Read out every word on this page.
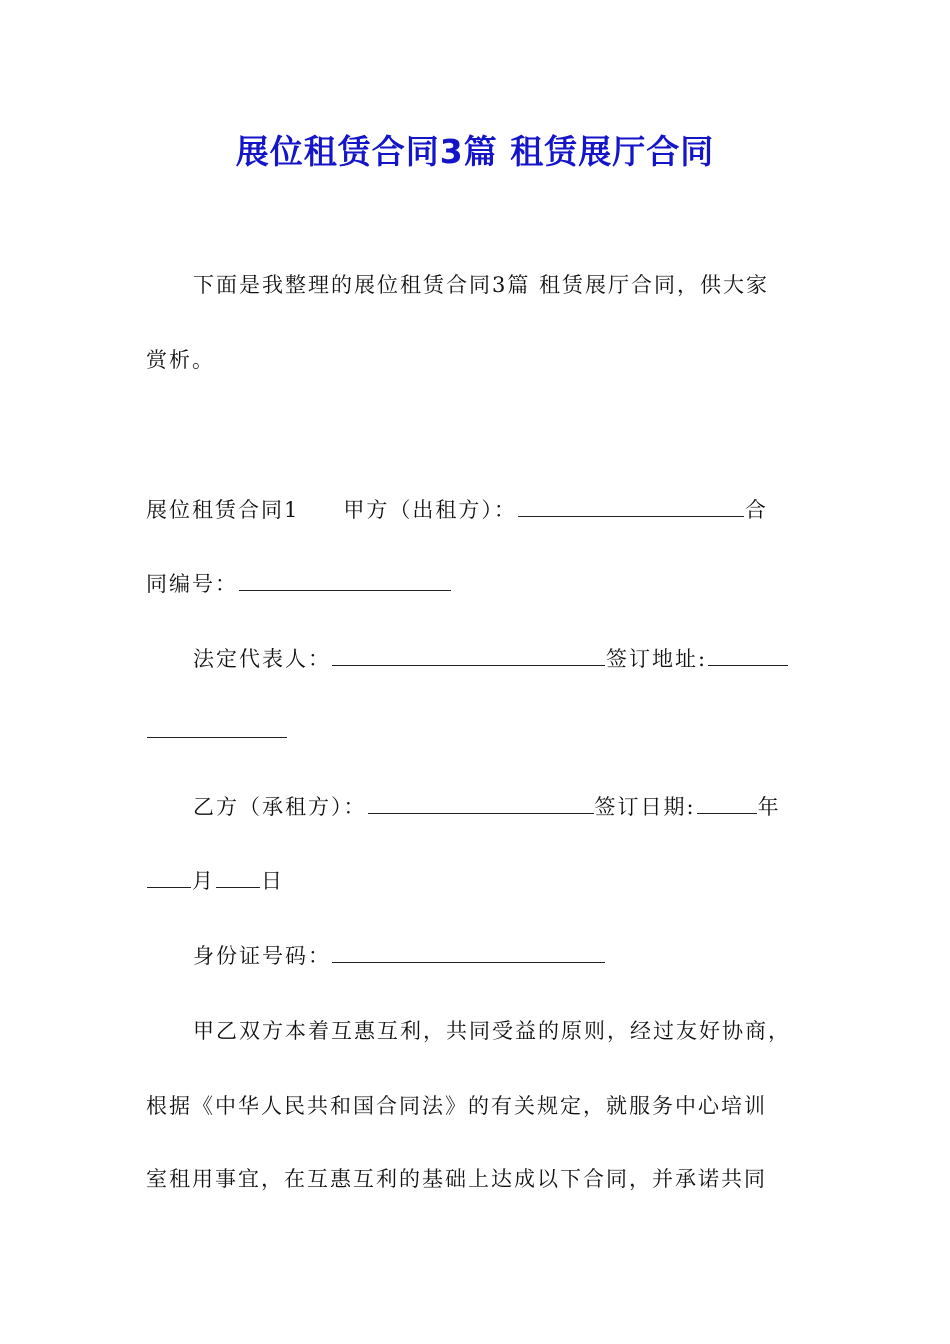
展位租赁合同3篇 租赁展厅合同
下面是我整理的展位租赁合同3篇 租赁展厅合同，供大家
赏析。
展位租赁合同1 甲方（出租方）：	合
同编号：
法定代表人：	签订地址:
乙方（承租方）：	签订日期:	年
月 日
身份证号码：
甲乙双方本着互惠互利，共同受益的原则，经过友好协商，
根据《中华人民共和国合同法》的有关规定，就服务中心培训
室租用事宜，在互惠互利的基础上达成以下合同，并承诺共同
